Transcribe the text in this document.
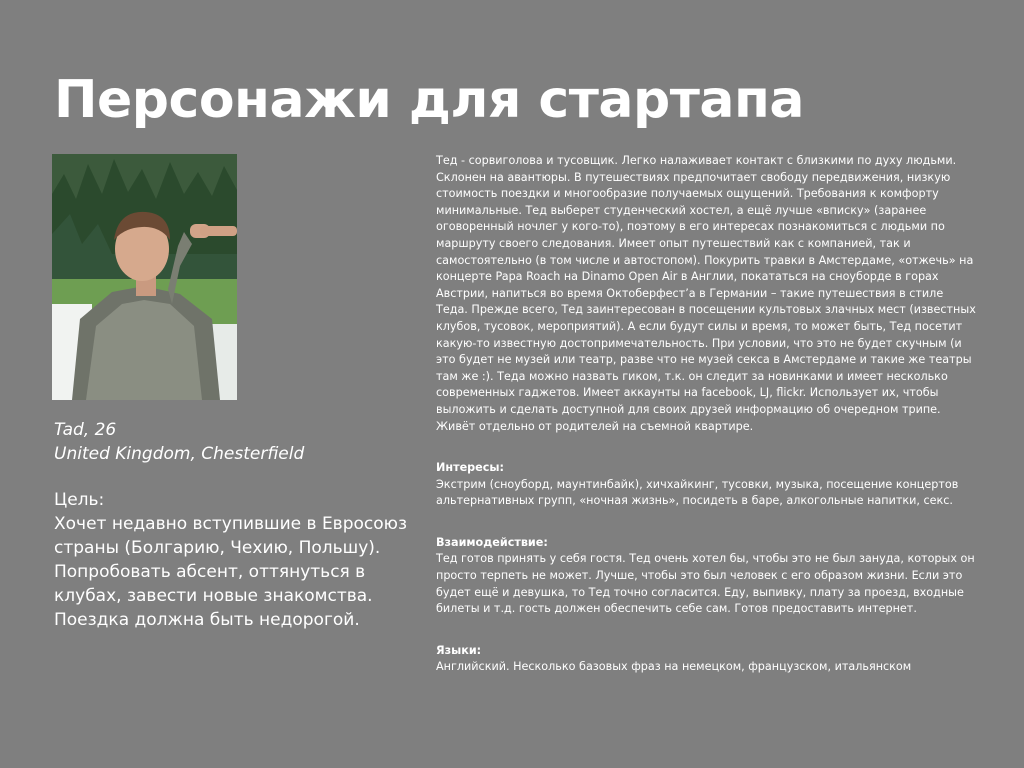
Персонажи для стартапа
Tad, 26
United Kingdom, Chesterfield
Цель:
Хочет недавно вступившие в Евросоюз страны (Болгарию, Чехию, Польшу). Попробовать абсент, оттянуться в клубах, завести новые знакомства. Поездка должна быть недорогой.

Тед - сорвиголова и тусовщик. Легко налаживает контакт с близкими по духу людьми. Склонен на авантюры. В путешествиях предпочитает свободу передвижения, низкую стоимость поездки и многообразие получаемых ощущений. Требования к комфорту минимальные. Тед выберет студенческий хостел, а ещё лучше «вписку» (заранее оговоренный ночлег у кого-то), поэтому в его интересах познакомиться с людьми по маршруту своего следования. Имеет опыт путешествий как с компанией, так и самостоятельно (в том числе и автостопом). Покурить травки в Амстердаме, «отжечь» на концерте Papa Roach на Dinamo Open Air в Англии, покататься на сноуборде в горах Австрии, напиться во время Октоберфест’а в Германии – такие путешествия в стиле Теда. Прежде всего, Тед заинтересован в посещении культовых злачных мест (известных клубов, тусовок, мероприятий). А если будут силы и время, то может быть, Тед посетит какую-то известную достопримечательность. При условии, что это не будет скучным (и это будет не музей или театр, разве что не музей секса в Амстердаме и такие же театры там же :). Теда можно назвать гиком, т.к. он следит за новинками и имеет несколько современных гаджетов. Имеет аккаунты на facebook, LJ, flickr. Использует их, чтобы выложить и сделать доступной для своих друзей информацию об очередном трипе. Живёт отдельно от родителей на съемной квартире.

Интересы:

Экстрим (сноуборд, маунтинбайк), хичхайкинг, тусовки, музыка, посещение концертов альтернативных групп, «ночная жизнь», посидеть в баре, алкогольные напитки, секс.

Взаимодействие:

Тед готов принять у себя гостя. Тед очень хотел бы, чтобы это не был зануда, которых он просто терпеть не может. Лучше, чтобы это был человек с его образом жизни. Если это будет ещё и девушка, то Тед точно согласится. Еду, выпивку, плату за проезд, входные билеты и т.д. гость должен обеспечить себе сам. Готов предоставить интернет.

Языки:

Английский. Несколько базовых фраз на немецком, французском, итальянском
